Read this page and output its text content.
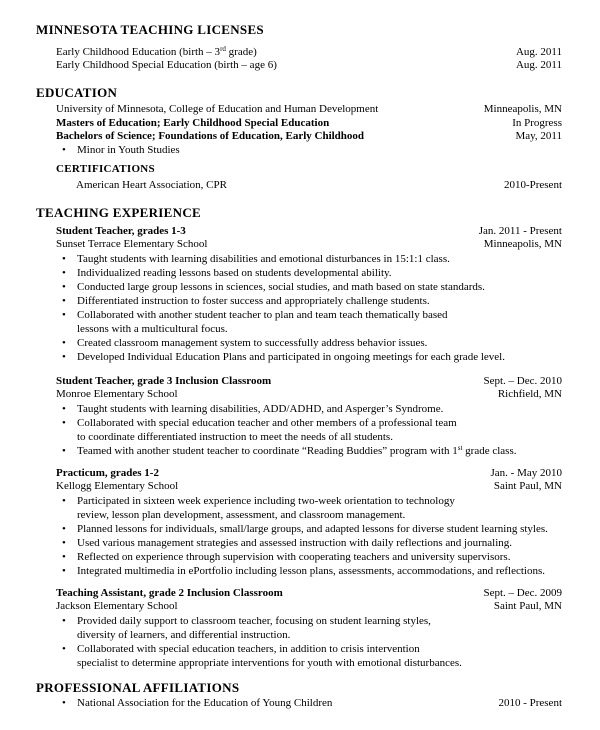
MINNESOTA TEACHING LICENSES
Early Childhood Education (birth – 3rd grade)	Aug. 2011
Early Childhood Special Education (birth – age 6)	Aug. 2011
EDUCATION
University of Minnesota, College of Education and Human Development	Minneapolis, MN
Masters of Education; Early Childhood Special Education	In Progress
Bachelors of Science; Foundations of Education, Early Childhood	May, 2011
• Minor in Youth Studies
CERTIFICATIONS
American Heart Association, CPR	2010-Present
TEACHING EXPERIENCE
Student Teacher, grades 1-3	Jan. 2011 - Present
Sunset Terrace Elementary School	Minneapolis, MN
• Taught students with learning disabilities and emotional disturbances in 15:1:1 class.
• Individualized reading lessons based on students developmental ability.
• Conducted large group lessons in sciences, social studies, and math based on state standards.
• Differentiated instruction to foster success and appropriately challenge students.
• Collaborated with another student teacher to plan and team teach thematically based
lessons with a multicultural focus.
• Created classroom management system to successfully address behavior issues.
• Developed Individual Education Plans and participated in ongoing meetings for each grade level.
Student Teacher, grade 3 Inclusion Classroom	Sept. – Dec. 2010
Monroe Elementary School	Richfield, MN
• Taught students with learning disabilities, ADD/ADHD, and Asperger’s Syndrome.
• Collaborated with special education teacher and other members of a professional team
to coordinate differentiated instruction to meet the needs of all students.
• Teamed with another student teacher to coordinate “Reading Buddies” program with 1st grade class.
Practicum, grades 1-2	Jan. - May 2010
Kellogg Elementary School	Saint Paul, MN
• Participated in sixteen week experience including two-week orientation to technology
review, lesson plan development, assessment, and classroom management.
• Planned lessons for individuals, small/large groups, and adapted lessons for diverse student learning styles.
• Used various management strategies and assessed instruction with daily reflections and journaling.
• Reflected on experience through supervision with cooperating teachers and university supervisors.
• Integrated multimedia in ePortfolio including lesson plans, assessments, accommodations, and reflections.
Teaching Assistant, grade 2 Inclusion Classroom	Sept. – Dec. 2009
Jackson Elementary School	Saint Paul, MN
• Provided daily support to classroom teacher, focusing on student learning styles,
diversity of learners, and differential instruction.
• Collaborated with special education teachers, in addition to crisis intervention
specialist to determine appropriate interventions for youth with emotional disturbances.
PROFESSIONAL AFFILIATIONS
• National Association for the Education of Young Children	2010 - Present
